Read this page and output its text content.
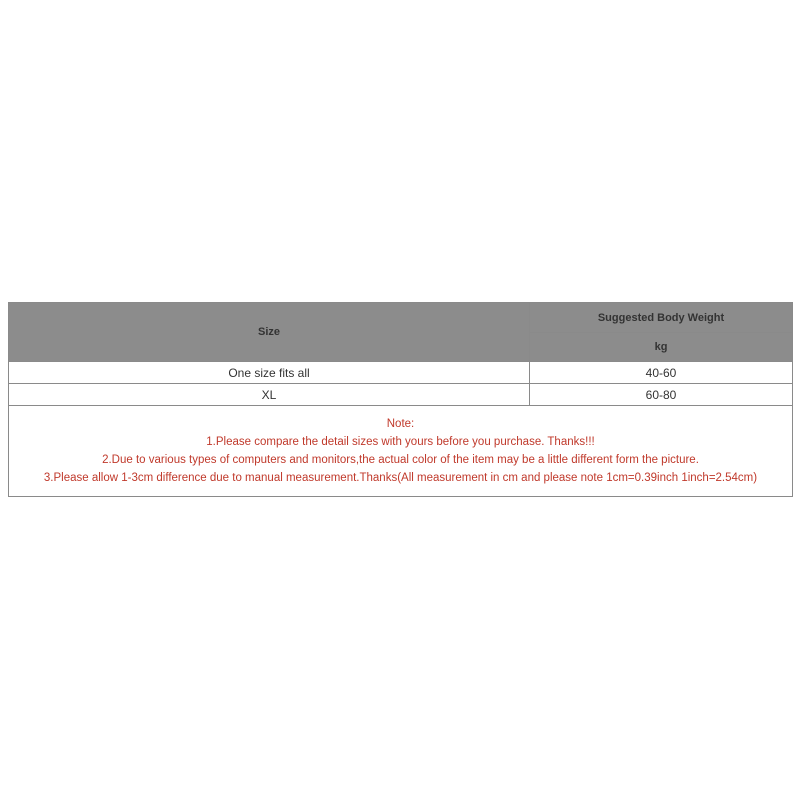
Size	Suggested Body Weight
	kg
One size fits all	40-60
XL	60-80

Note:
1.Please compare the detail sizes with yours before you purchase. Thanks!!!
2.Due to various types of computers and monitors,the actual color of the item may be a little different form the picture.
3.Please allow 1-3cm difference due to manual measurement.Thanks(All measurement in cm and please note 1cm=0.39inch 1inch=2.54cm)	
